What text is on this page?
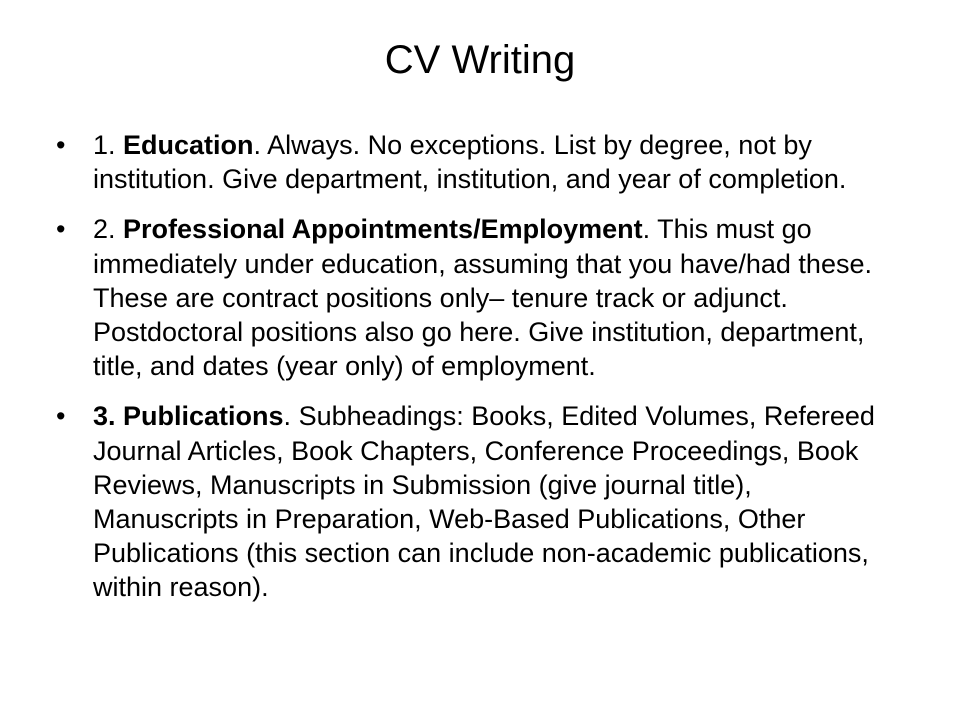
CV Writing
•	1. Education. Always. No exceptions. List by degree, not by institution. Give department, institution, and year of completion.
•	2. Professional Appointments/Employment. This must go immediately under education, assuming that you have/had these. These are contract positions only– tenure track or adjunct. Postdoctoral positions also go here. Give institution, department, title, and dates (year only) of employment.
•	3. Publications. Subheadings: Books, Edited Volumes, Refereed Journal Articles, Book Chapters, Conference Proceedings, Book Reviews, Manuscripts in Submission (give journal title), Manuscripts in Preparation, Web-Based Publications, Other Publications (this section can include non-academic publications, within reason).
